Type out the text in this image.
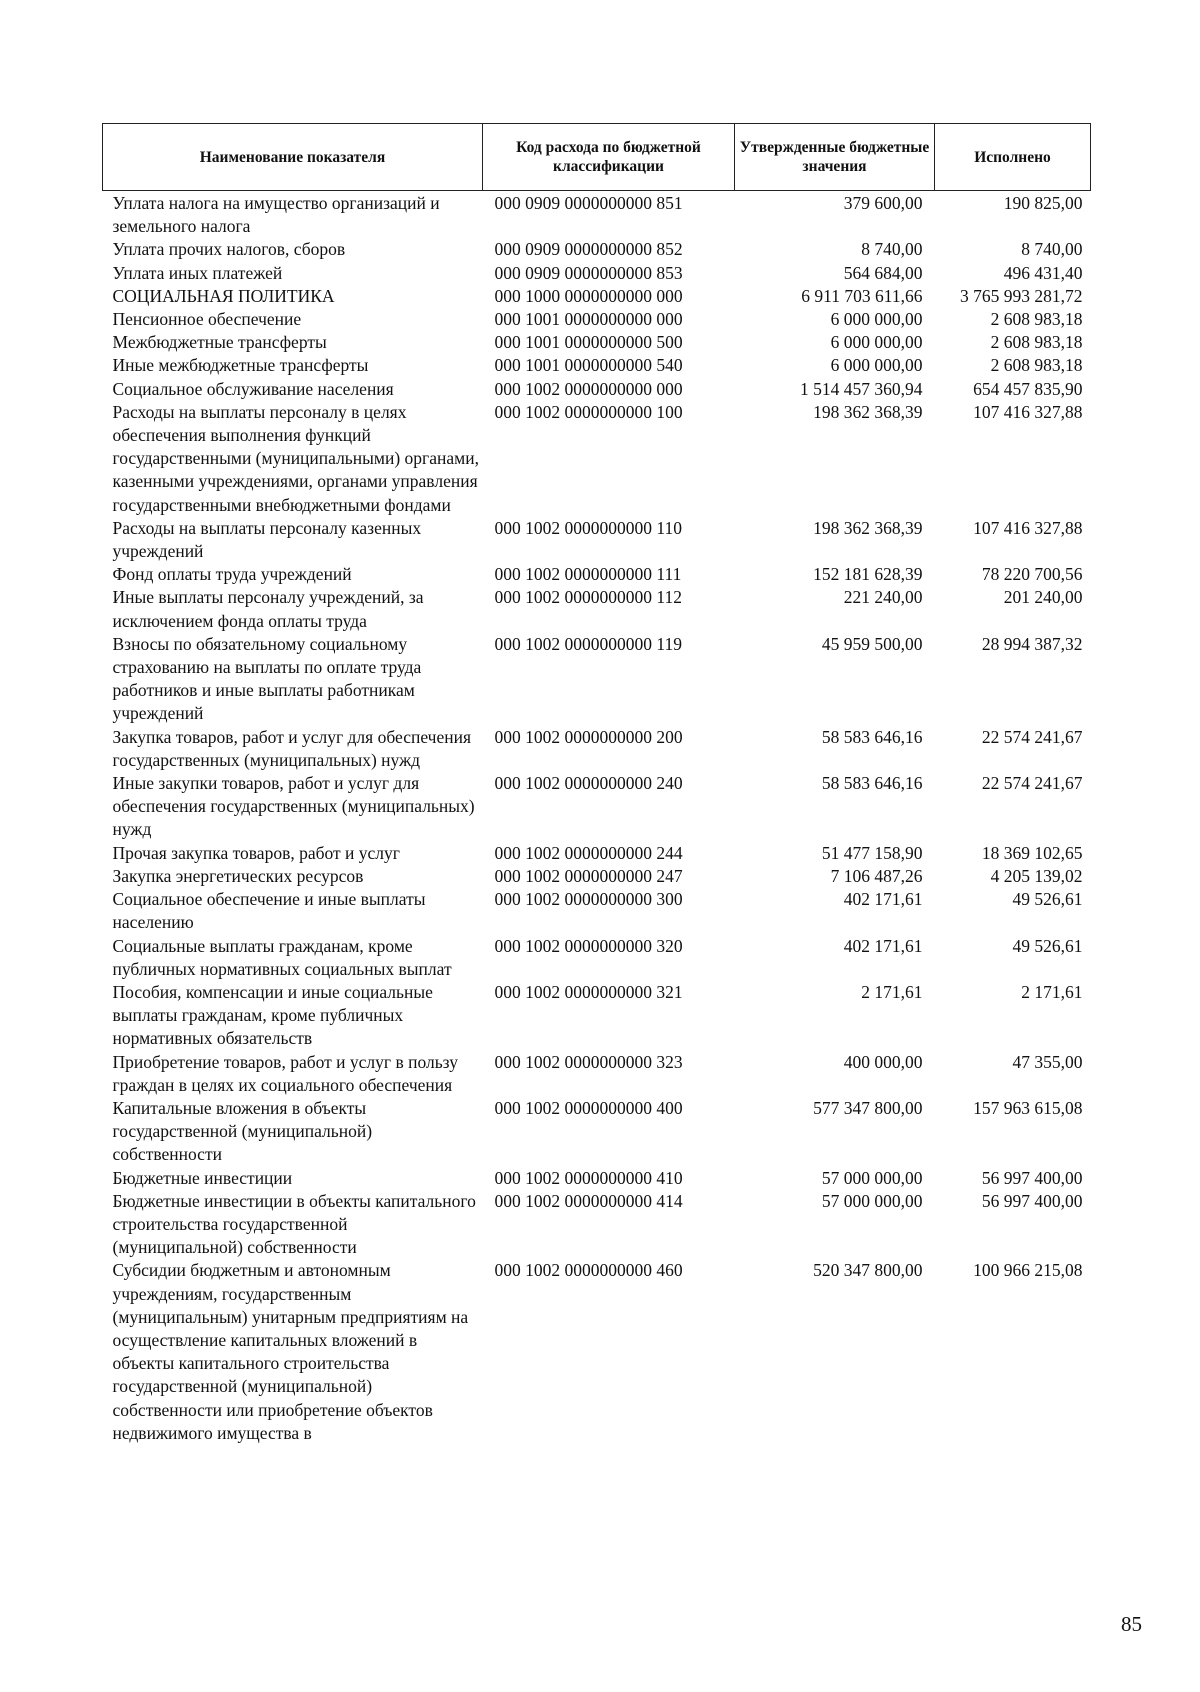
Наименование показателя	Код расхода по бюджетной классификации	Утвержденные бюджетные значения	Исполнено
Уплата налога на имущество организаций и земельного налога	000 0909 0000000000 851	379 600,00	190 825,00
Уплата прочих налогов, сборов	000 0909 0000000000 852	8 740,00	8 740,00
Уплата иных платежей	000 0909 0000000000 853	564 684,00	496 431,40
СОЦИАЛЬНАЯ ПОЛИТИКА	000 1000 0000000000 000	6 911 703 611,66	3 765 993 281,72
Пенсионное обеспечение	000 1001 0000000000 000	6 000 000,00	2 608 983,18
Межбюджетные трансферты	000 1001 0000000000 500	6 000 000,00	2 608 983,18
Иные межбюджетные трансферты	000 1001 0000000000 540	6 000 000,00	2 608 983,18
Социальное обслуживание населения	000 1002 0000000000 000	1 514 457 360,94	654 457 835,90
Расходы на выплаты персоналу в целях обеспечения выполнения функций государственными (муниципальными) органами, казенными учреждениями, органами управления государственными внебюджетными фондами	000 1002 0000000000 100	198 362 368,39	107 416 327,88
Расходы на выплаты персоналу казенных учреждений	000 1002 0000000000 110	198 362 368,39	107 416 327,88
Фонд оплаты труда учреждений	000 1002 0000000000 111	152 181 628,39	78 220 700,56
Иные выплаты персоналу учреждений, за исключением фонда оплаты труда	000 1002 0000000000 112	221 240,00	201 240,00
Взносы по обязательному социальному страхованию на выплаты по оплате труда работников и иные выплаты работникам учреждений	000 1002 0000000000 119	45 959 500,00	28 994 387,32
Закупка товаров, работ и услуг для обеспечения государственных (муниципальных) нужд	000 1002 0000000000 200	58 583 646,16	22 574 241,67
Иные закупки товаров, работ и услуг для обеспечения государственных (муниципальных) нужд	000 1002 0000000000 240	58 583 646,16	22 574 241,67
Прочая закупка товаров, работ и услуг	000 1002 0000000000 244	51 477 158,90	18 369 102,65
Закупка энергетических ресурсов	000 1002 0000000000 247	7 106 487,26	4 205 139,02
Социальное обеспечение и иные выплаты населению	000 1002 0000000000 300	402 171,61	49 526,61
Социальные выплаты гражданам, кроме публичных нормативных социальных выплат	000 1002 0000000000 320	402 171,61	49 526,61
Пособия, компенсации и иные социальные выплаты гражданам, кроме публичных нормативных обязательств	000 1002 0000000000 321	2 171,61	2 171,61
Приобретение товаров, работ и услуг в пользу граждан в целях их социального обеспечения	000 1002 0000000000 323	400 000,00	47 355,00
Капитальные вложения в объекты государственной (муниципальной) собственности	000 1002 0000000000 400	577 347 800,00	157 963 615,08
Бюджетные инвестиции	000 1002 0000000000 410	57 000 000,00	56 997 400,00
Бюджетные инвестиции в объекты капитального строительства государственной (муниципальной) собственности	000 1002 0000000000 414	57 000 000,00	56 997 400,00
Субсидии бюджетным и автономным учреждениям, государственным (муниципальным) унитарным предприятиям на осуществление капитальных вложений в объекты капитального строительства государственной (муниципальной) собственности или приобретение объектов недвижимого имущества в	000 1002 0000000000 460	520 347 800,00	100 966 215,08
85
